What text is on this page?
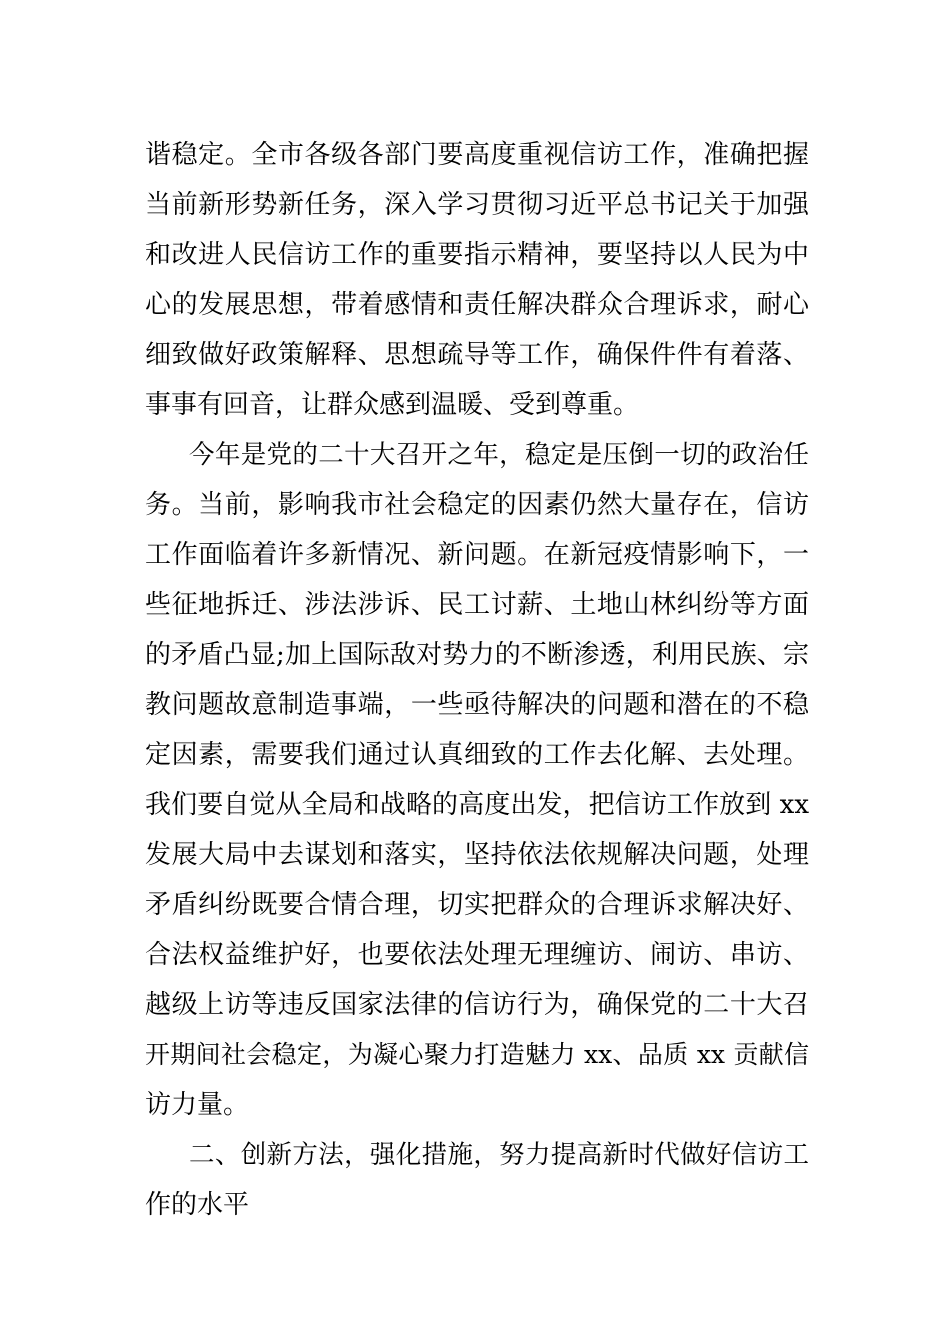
谐稳定。全市各级各部门要高度重视信访工作，准确把握
当前新形势新任务，深入学习贯彻习近平总书记关于加强
和改进人民信访工作的重要指示精神，要坚持以人民为中
心的发展思想，带着感情和责任解决群众合理诉求，耐心
细致做好政策解释、思想疏导等工作，确保件件有着落、
事事有回音，让群众感到温暖、受到尊重。
今年是党的二十大召开之年，稳定是压倒一切的政治任
务。当前，影响我市社会稳定的因素仍然大量存在，信访
工作面临着许多新情况、新问题。在新冠疫情影响下，一
些征地拆迁、涉法涉诉、民工讨薪、土地山林纠纷等方面
的矛盾凸显;加上国际敌对势力的不断渗透，利用民族、宗
教问题故意制造事端，一些亟待解决的问题和潜在的不稳
定因素，需要我们通过认真细致的工作去化解、去处理。
我们要自觉从全局和战略的高度出发，把信访工作放到 xx
发展大局中去谋划和落实，坚持依法依规解决问题，处理
矛盾纠纷既要合情合理，切实把群众的合理诉求解决好、
合法权益维护好，也要依法处理无理缠访、闹访、串访、
越级上访等违反国家法律的信访行为，确保党的二十大召
开期间社会稳定，为凝心聚力打造魅力 xx、品质 xx 贡献信
访力量。
二、创新方法，强化措施，努力提高新时代做好信访工
作的水平
